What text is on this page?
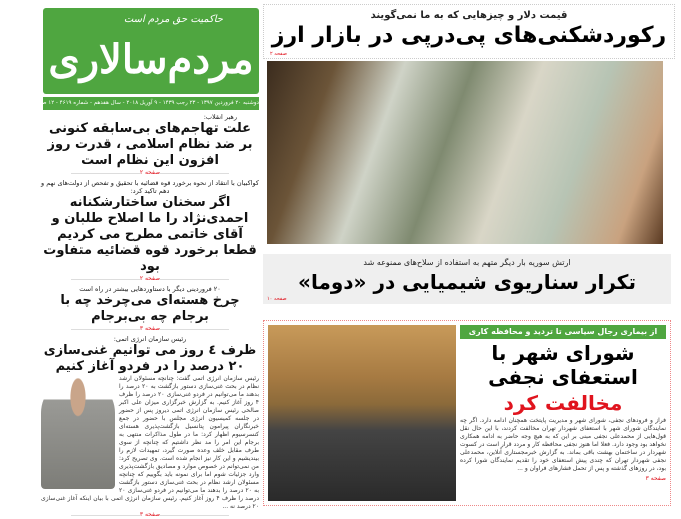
حاکمیت حق مردم است
مردم‌سالاری
دوشنبه ۲۰ فروردین ۱۳۹۷ - ۲۳ رجب ۱۴۳۹ - ۹ آوریل ۲۰۱۸ - سال هفدهم - شماره ۴۶۱۹ - ۱۲ صفحه - ۱۰۰۰ تومان
رهبر انقلاب:
علت تهاجم‌های بی‌سابقه کنونی بر ضد نظام اسلامی ، قدرت روز افزون این نظام است
صفحه ۲
کواکبیان با انتقاد از نحوه برخورد قوه قضائیه با تحقیق و تفحص از دولت‌های نهم و دهم تاکید کرد:
اگر سخنان ساختارشکنانه احمدی‌نژاد را ما اصلاح طلبان و آقای خاتمی مطرح می کردیم قطعا برخورد قوه قضائیه متفاوت بود
صفحه ۲
۲۰ فروردینی دیگر با دستاوردهایی بیشتر در راه است
چرخ هسته‌ای می‌چرخد چه با برجام چه بی‌برجام
صفحه ۳
رئیس سازمان انرژی اتمی:
ظرف ٤ روز می توانیم غنی‌سازی ۲۰ درصد را در فردو آغاز کنیم
رئیس سازمان انرژی اتمی گفت: چنانچه مسئولان ارشد نظام در بحث غنی‌سازی دستور بازگشت به ۲۰ درصد را بدهند ما می‌توانیم در فردو غنی‌سازی ۲۰ درصد را ظرف ۴ روز آغاز کنیم. به گزارش خبرگزاری میزان علی اکبر صالحی رئیس سازمان انرژی اتمی دیروز پس از حضور در جلسه کمیسیون انرژی مجلس با حضور در جمع خبرنگاران پیرامون پتانسیل بازگشت‌پذیری هسته‌ای کنسرسیوم اظهار کرد: ما در طول مذاکرات منتهی به برجام این امر را مد نظر داشتیم که چنانچه از سوی طرف مقابل خلف وعده صورت گیرد، تمهیدات لازم را بیندیشیم و این کار نیز انجام شده است. وی تصریح کرد: من نمی‌توانم در خصوص موارد و مصادیق بازگشت‌پذیری وارد جزئیات شوم اما برای نمونه باید بگوییم که چنانچه مسئولان ارشد نظام در بحث غنی‌سازی دستور بازگشت به ۲۰ درصد را بدهند ما می‌توانیم در فردو غنی‌سازی ۲۰ درصد را ظرف ۴ روز آغاز کنیم. رئیس سازمان انرژی اتمی با بیان اینکه آغاز غنی‌سازی ۲۰ درصد نه ...
صفحه ۳
قیمت دلار و چیزهایی که به ما نمی‌گویند
رکوردشکنی‌های پی‌درپی در بازار ارز
صفحه ۲
ارتش سوریه بار دیگر متهم به استفاده از سلاح‌های ممنوعه شد
تکرار سناریوی شیمیایی در «دوما»
صفحه ۱۰
از بیماری رجال سیاسی تا تردید و محافظه کاری
شورای شهر با استعفای نجفی
مخالفت کرد
فراز و فرودهای نجفی، شورای شهر و مدیریت پایتخت همچنان ادامه دارد. اگر چه نمایندگان شورای شهر با استعفای شهردار تهران مخالفت کردند، با این حال نقل قول‌هایی از محمدعلی نجفی مبنی بر این که به هیچ وجه حاضر به ادامه همکاری نخواهد بود وجود دارد. فعلا اما هنوز نجفی محافظه کار و مردد قرار است در کسوت شهردار در ساختمان بهشت باقی بماند. به گزارش خبرمجستاری آنلاین، محمدعلی نجفی شهردار تهران که چندی پیش استعفای خود را تقدیم نمایندگان شورا کرده بود، در روزهای گذشته و پس از تحمل فشارهای فراوان و ...
صفحه ۳
